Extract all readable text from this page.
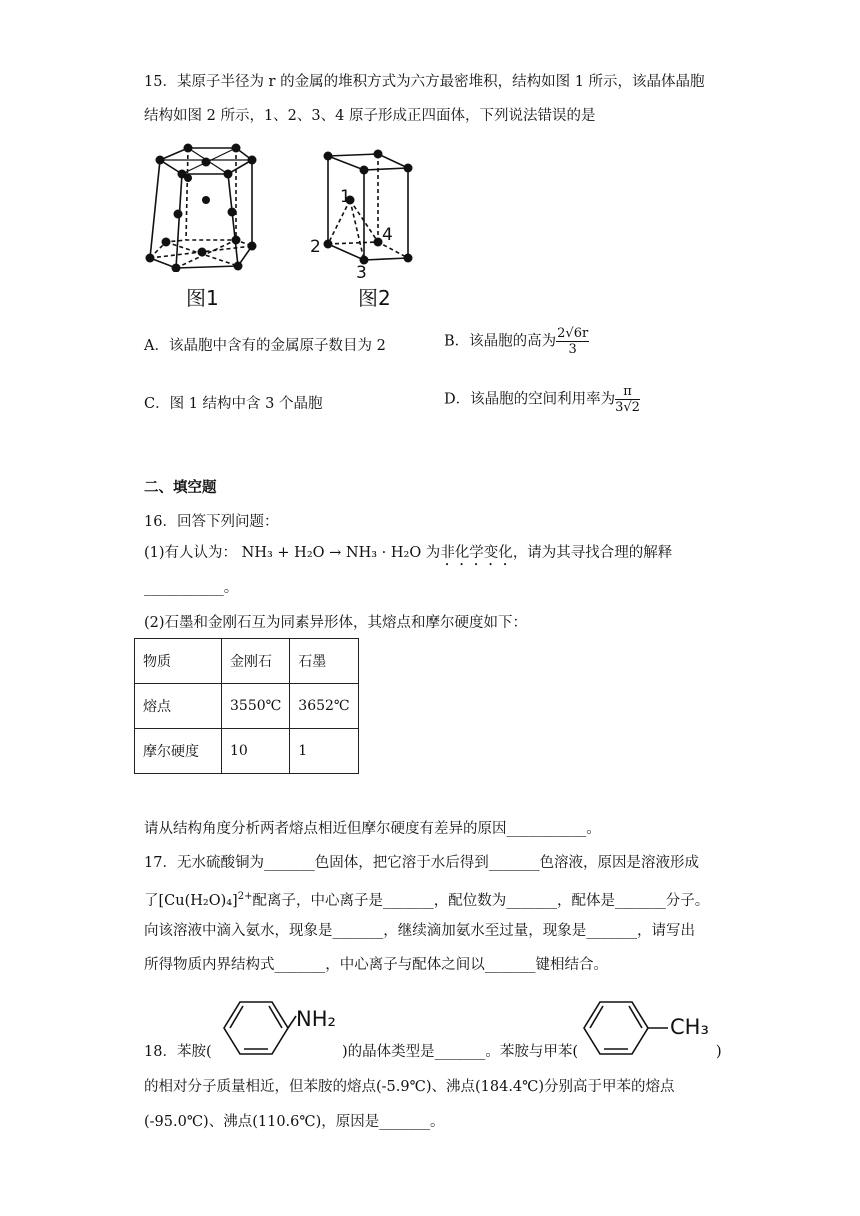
15．某原子半径为 r 的金属的堆积方式为六方最密堆积，结构如图 1 所示，该晶体晶胞
结构如图 2 所示，1、2、3、4 原子形成正四面体，下列说法错误的是
图1
1
2
3
4
图2
A．该晶胞中含有的金属原子数目为 2	B．该晶胞的高为 $\frac{2√6r}{3}$
C．图 1 结构中含 3 个晶胞	D．该晶胞的空间利用率为 $\frac{\pi}{3√2}$
二、填空题
16．回答下列问题：
(1)有人认为： NH₃ + H₂O → NH₃ · H₂O 为非化学变化，请为其寻找合理的解释
___________。
(2)石墨和金刚石互为同素异形体，其熔点和摩尔硬度如下：
物质	金刚石	石墨
熔点	3550℃	3652℃
摩尔硬度	10	1
请从结构角度分析两者熔点相近但摩尔硬度有差异的原因___________。
17．无水硫酸铜为_______色固体，把它溶于水后得到_______色溶液，原因是溶液形成
了$[Cu(H_2O)_4]^{2+}$配离子，中心离子是_______，配位数为_______，配体是_______分子。
向该溶液中滴入氨水，现象是_______，继续滴加氨水至过量，现象是_______，请写出
所得物质内界结构式_______，中心离子与配体之间以_______键相结合。
NH₂	CH₃
18．苯胺(	)的晶体类型是_______。苯胺与甲苯(	)
的相对分子质量相近，但苯胺的熔点(-5.9℃)、沸点(184.4℃)分别高于甲苯的熔点
(-95.0℃)、沸点(110.6℃)，原因是_______。
